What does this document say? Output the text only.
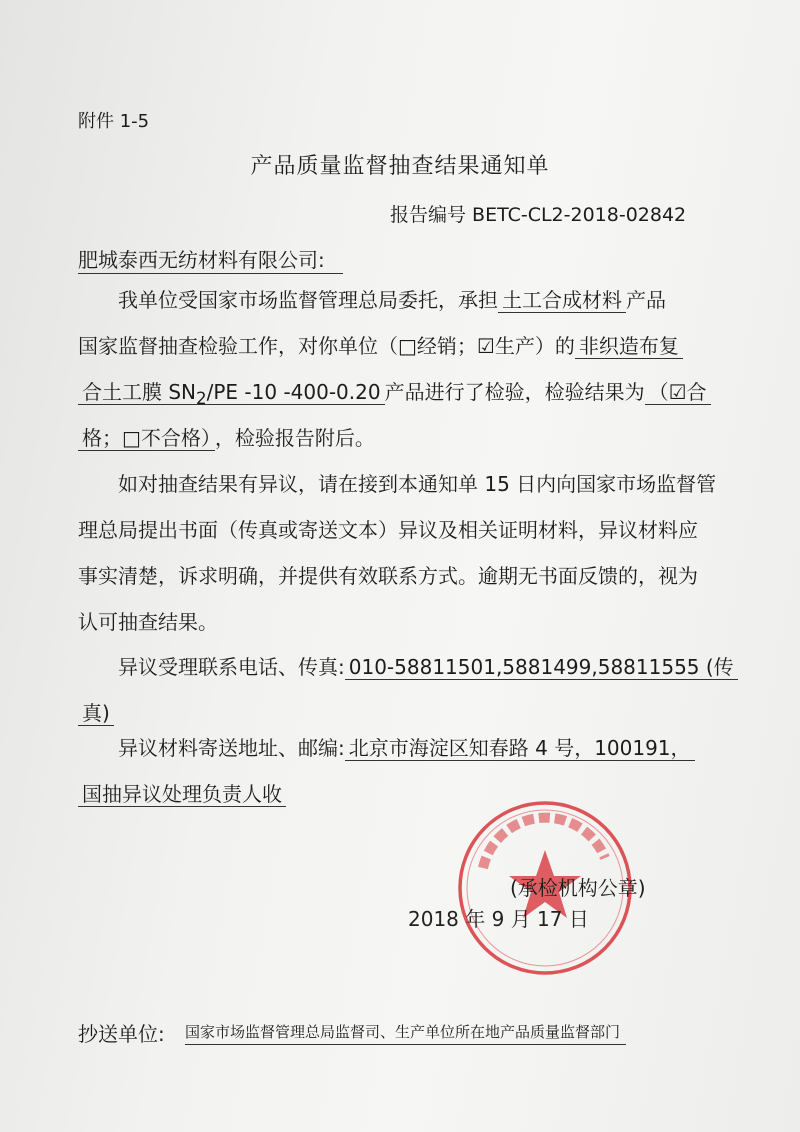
附件 1-5
产品质量监督抽查结果通知单
报告编号 BETC-CL2-2018-02842
肥城泰西无纺材料有限公司:
我单位受国家市场监督管理总局委托，承担 土工合成材料 产品
国家监督抽查检验工作，对你单位（□经销；☑生产）的 非织造布复
合土工膜 $SN_2/PE$ -10 -400-0.20 产品进行了检验，检验结果为 （☑合
格；□不合格） ，检验报告附后。
如对抽查结果有异议，请在接到本通知单 15 日内向国家市场监督管
理总局提出书面（传真或寄送文本）异议及相关证明材料，异议材料应
事实清楚，诉求明确，并提供有效联系方式。逾期无书面反馈的，视为
认可抽查结果。
异议受理联系电话、传真: 010-58811501,5881499,58811555 (传
真)
异议材料寄送地址、邮编: 北京市海淀区知春路 4 号，100191，
国抽异议处理负责人收
(承检机构公章)
2018 年 9 月 17 日
抄送单位: 国家市场监督管理总局监督司、生产单位所在地产品质量监督部门
